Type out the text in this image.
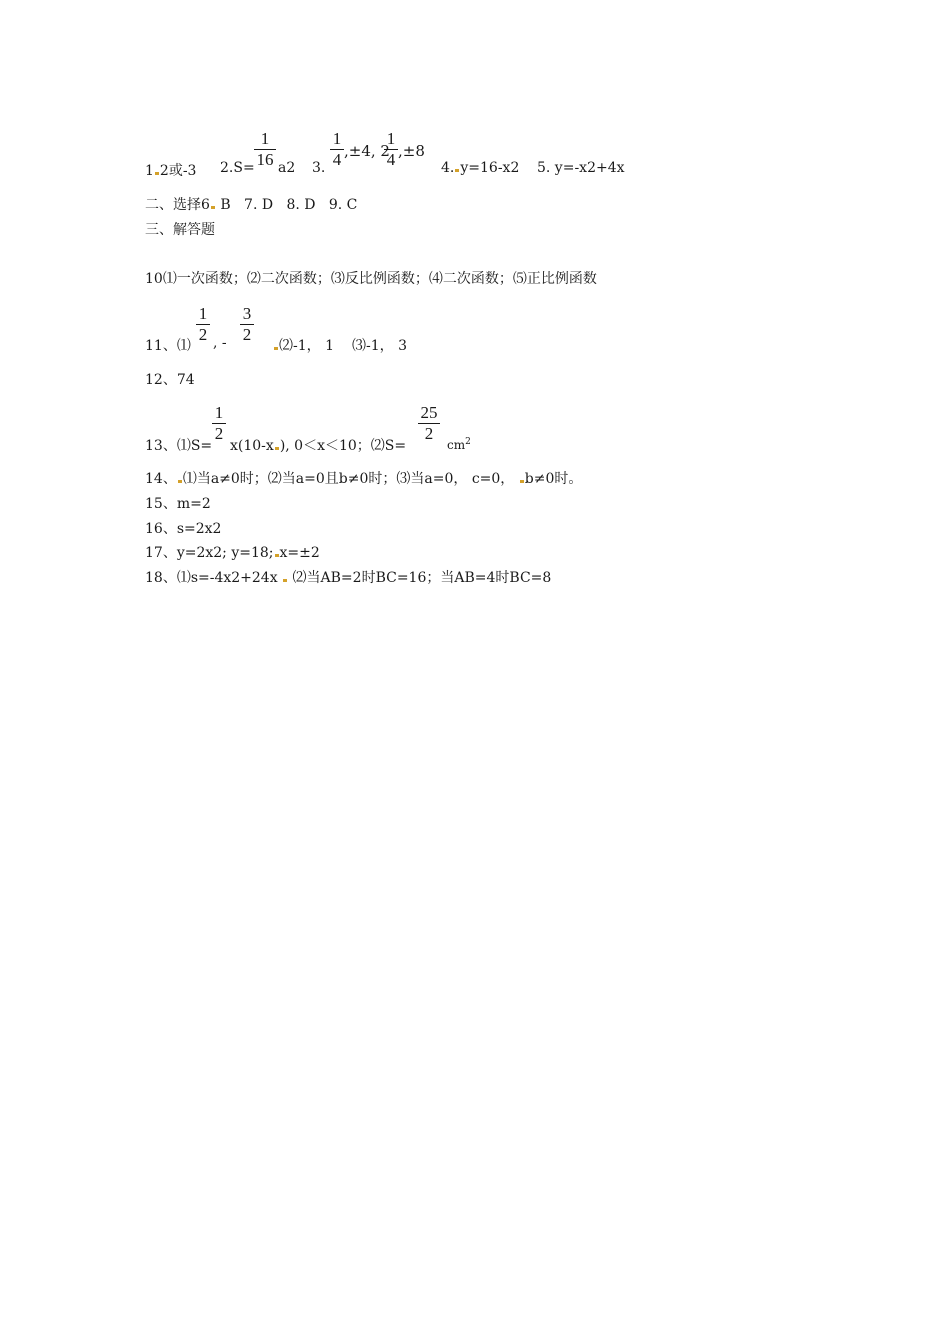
1 2或-3 2.S=
1
16 a2 3.
1
4 ,±4, 2
1
4 ,±8
4. y=16-x2 5. y=-x2+4x
二、选择6 B 7. D 8. D 9. C
三、解答题
10⑴一次函数；⑵二次函数；⑶反比例函数；⑷二次函数；⑸正比例函数
11、⑴
1
2 , -
3
2
⑵-1， 1 ⑶-1， 3
12、74
13、⑴S=
1
2
x(10-x ), 0＜x＜10；⑵S=
25
2
$cm^2$
14、 ⑴当a≠0时；⑵当a=0且b≠0时；⑶当a=0， c=0， b≠0时。
15、m=2
16、s=2x2
17、y=2x2; y=18; x=±2
18、⑴s=-4x2+24x ⑵当AB=2时BC=16；当AB=4时BC=8
